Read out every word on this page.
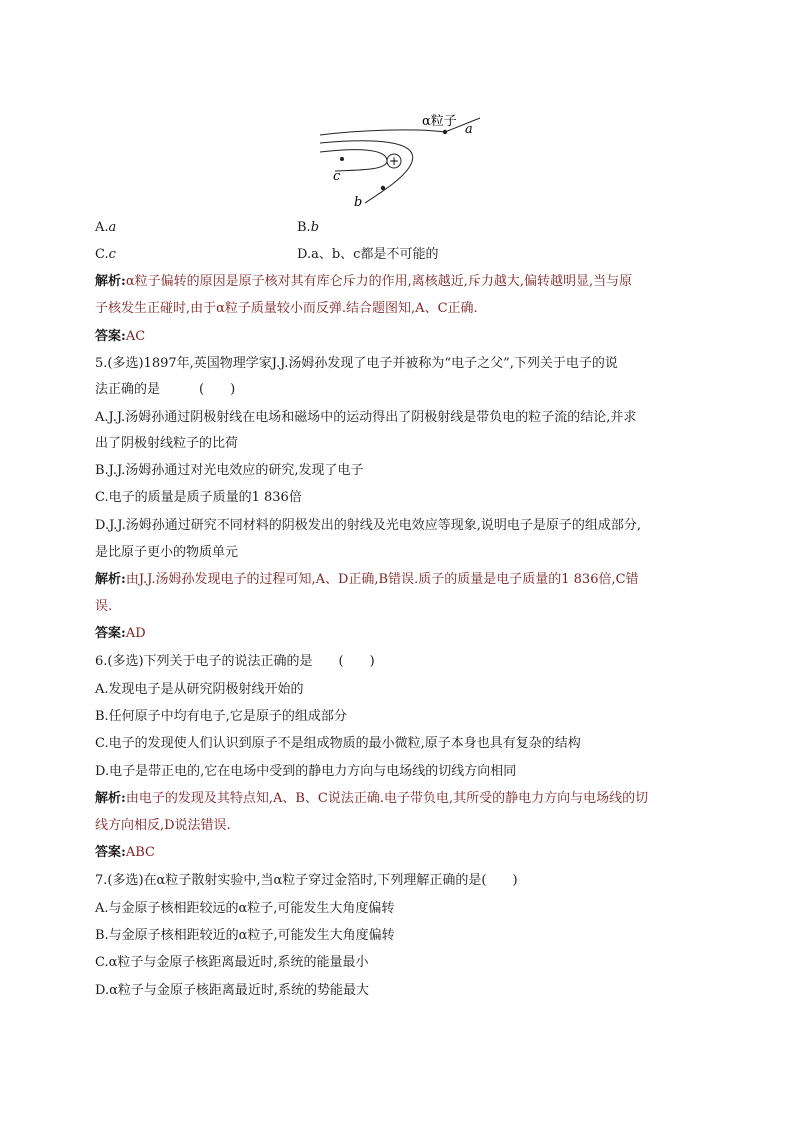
+
α粒子
a
c
b
A.a	B.b
C.c	D.a、b、c都是不可能的
解析:α粒子偏转的原因是原子核对其有库仑斥力的作用,离核越近,斥力越大,偏转越明显,当与原
子核发生正碰时,由于α粒子质量较小而反弹.结合题图知,A、C正确.
答案:AC
5.(多选)1897年,英国物理学家J.J.汤姆孙发现了电子并被称为“电子之父”,下列关于电子的说
法正确的是　　　(　　)
A.J.J.汤姆孙通过阴极射线在电场和磁场中的运动得出了阴极射线是带负电的粒子流的结论,并求
出了阴极射线粒子的比荷
B.J.J.汤姆孙通过对光电效应的研究,发现了电子
C.电子的质量是质子质量的1 836倍
D.J.J.汤姆孙通过研究不同材料的阴极发出的射线及光电效应等现象,说明电子是原子的组成部分,
是比原子更小的物质单元
解析:由J.J.汤姆孙发现电子的过程可知,A、D正确,B错误.质子的质量是电子质量的1 836倍,C错
误.
答案:AD
6.(多选)下列关于电子的说法正确的是　　(　　)
A.发现电子是从研究阴极射线开始的
B.任何原子中均有电子,它是原子的组成部分
C.电子的发现使人们认识到原子不是组成物质的最小微粒,原子本身也具有复杂的结构
D.电子是带正电的,它在电场中受到的静电力方向与电场线的切线方向相同
解析:由电子的发现及其特点知,A、B、C说法正确.电子带负电,其所受的静电力方向与电场线的切
线方向相反,D说法错误.
答案:ABC
7.(多选)在α粒子散射实验中,当α粒子穿过金箔时,下列理解正确的是(　　)
A.与金原子核相距较远的α粒子,可能发生大角度偏转
B.与金原子核相距较近的α粒子,可能发生大角度偏转
C.α粒子与金原子核距离最近时,系统的能量最小
D.α粒子与金原子核距离最近时,系统的势能最大
